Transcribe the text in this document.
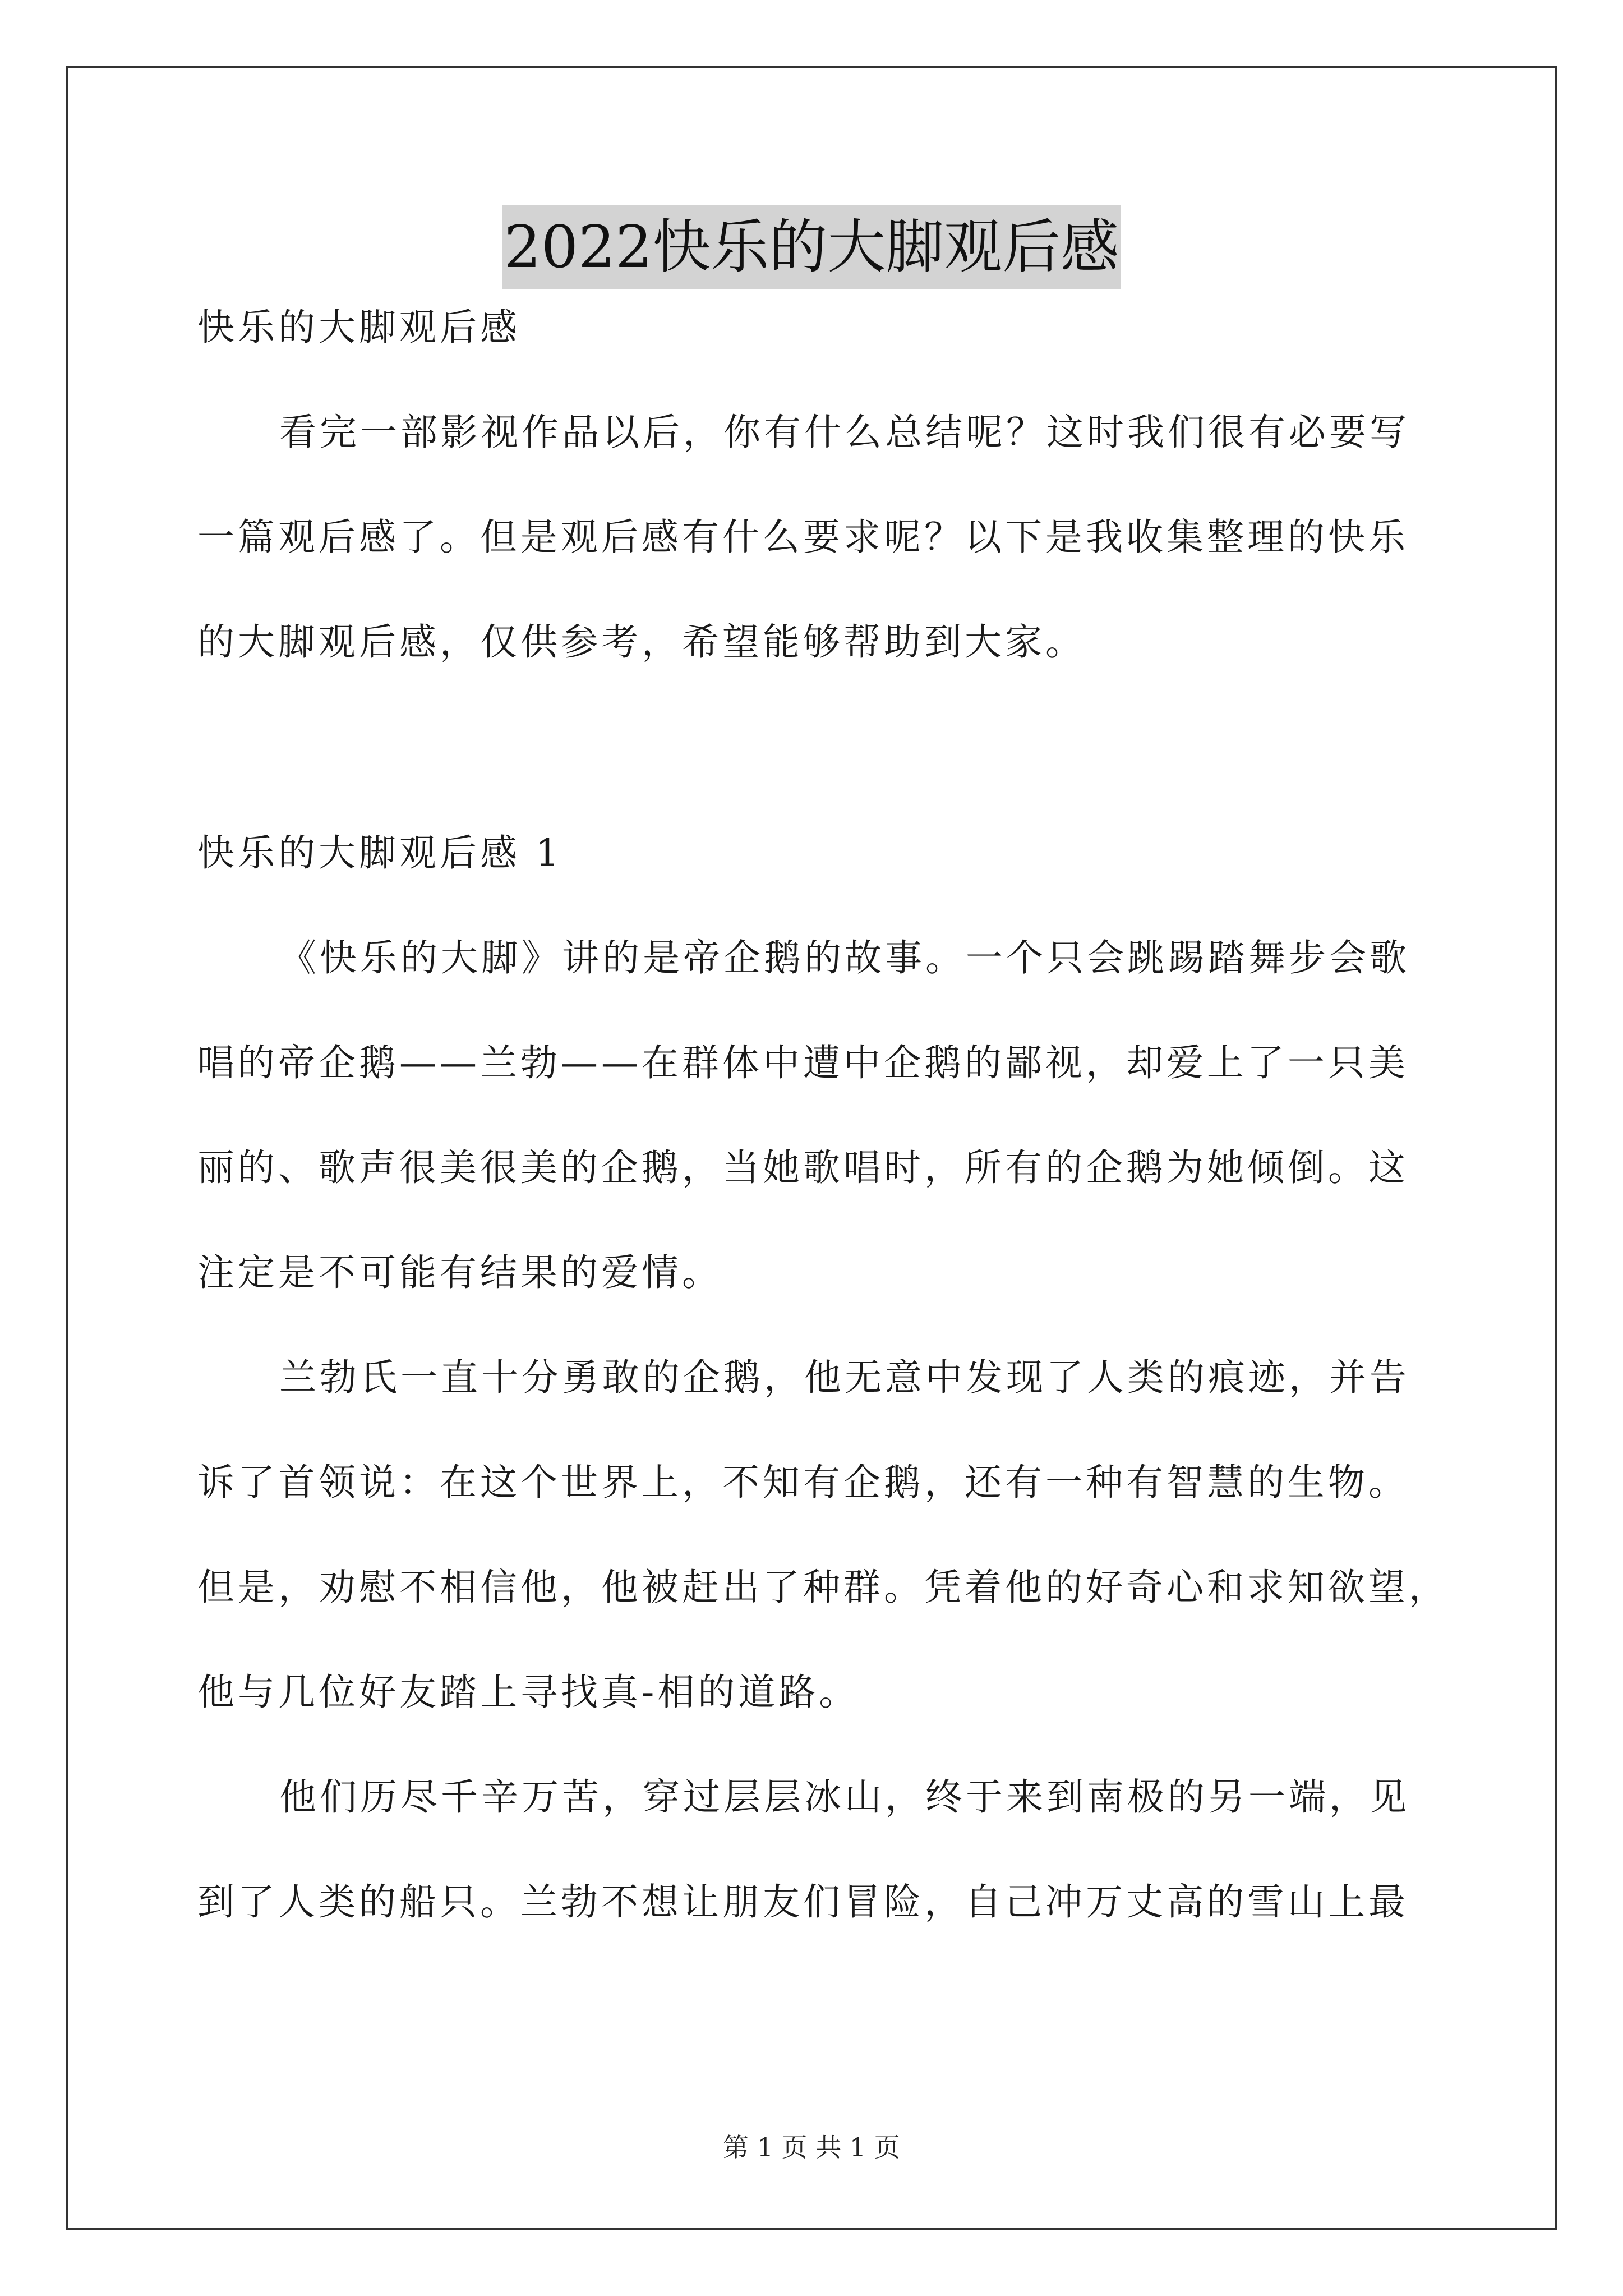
2022快乐的大脚观后感
快乐的大脚观后感
看完一部影视作品以后，你有什么总结呢？这时我们很有必要写
一篇观后感了。但是观后感有什么要求呢？以下是我收集整理的快乐
的大脚观后感，仅供参考，希望能够帮助到大家。
快乐的大脚观后感 1
《快乐的大脚》讲的是帝企鹅的故事。一个只会跳踢踏舞步会歌
唱的帝企鹅——兰勃——在群体中遭中企鹅的鄙视，却爱上了一只美
丽的、歌声很美很美的企鹅，当她歌唱时，所有的企鹅为她倾倒。这
注定是不可能有结果的爱情。
兰勃氏一直十分勇敢的企鹅，他无意中发现了人类的痕迹，并告
诉了首领说：在这个世界上，不知有企鹅，还有一种有智慧的生物。
但是，劝慰不相信他，他被赶出了种群。凭着他的好奇心和求知欲望，
他与几位好友踏上寻找真-相的道路。
他们历尽千辛万苦，穿过层层冰山，终于来到南极的另一端，见
到了人类的船只。兰勃不想让朋友们冒险，自己冲万丈高的雪山上最
第 1 页 共 1 页
